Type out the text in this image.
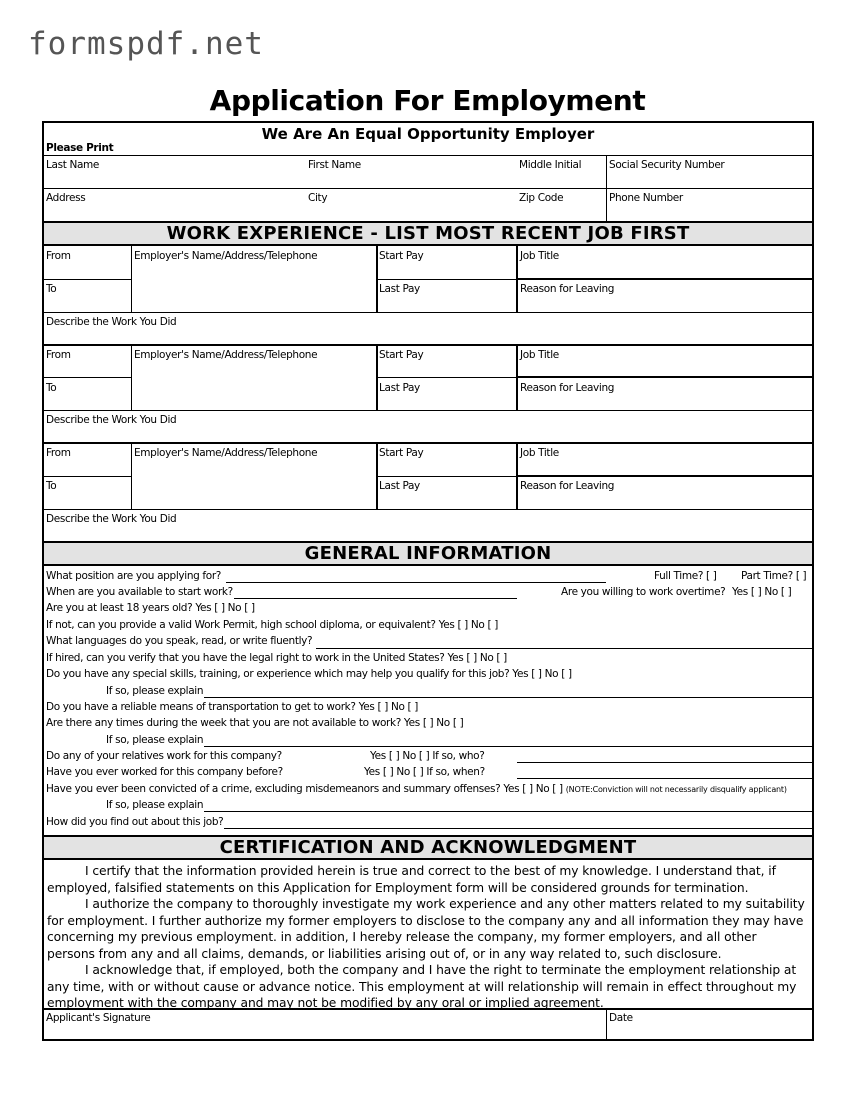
formspdf.net
Application For Employment
We Are An Equal Opportunity Employer
Please Print
Last Name	First Name	Middle Initial	Social Security Number
Address	City	Zip Code	Phone Number
WORK EXPERIENCE - LIST MOST RECENT JOB FIRST
From	Employer's Name/Address/Telephone	Start Pay	Job Title
To	Last Pay	Reason for Leaving
Describe the Work You Did
From	Employer's Name/Address/Telephone	Start Pay	Job Title
To	Last Pay	Reason for Leaving
Describe the Work You Did
From	Employer's Name/Address/Telephone	Start Pay	Job Title
To	Last Pay	Reason for Leaving
Describe the Work You Did
GENERAL INFORMATION
What position are you applying for?	Full Time? [ ] Part Time? [ ]
When are you available to start work?	Are you willing to work overtime? Yes [ ] No [ ]
Are you at least 18 years old? Yes [ ] No [ ]
If not, can you provide a valid Work Permit, high school diploma, or equivalent? Yes [ ] No [ ]
What languages do you speak, read, or write fluently?
If hired, can you verify that you have the legal right to work in the United States? Yes [ ] No [ ]
Do you have any special skills, training, or experience which may help you qualify for this job? Yes [ ] No [ ]
If so, please explain
Do you have a reliable means of transportation to get to work? Yes [ ] No [ ]
Are there any times during the week that you are not available to work? Yes [ ] No [ ]
If so, please explain
Do any of your relatives work for this company?	Yes [ ] No [ ] If so, who?
Have you ever worked for this company before?	Yes [ ] No [ ] If so, when?
Have you ever been convicted of a crime, excluding misdemeanors and summary offenses? Yes [ ] No [ ] (NOTE:Conviction will not necessarily disqualify applicant)
If so, please explain
How did you find out about this job?
CERTIFICATION AND ACKNOWLEDGMENT

I certify that the information provided herein is true and correct to the best of my knowledge. I understand that, if employed, falsified statements on this Application for Employment form will be considered grounds for termination.

I authorize the company to thoroughly investigate my work experience and any other matters related to my suitability for employment. I further authorize my former employers to disclose to the company any and all information they may have concerning my previous employment. in addition, I hereby release the company, my former employers, and all other persons from any and all claims, demands, or liabilities arising out of, or in any way related to, such disclosure.

I acknowledge that, if employed, both the company and I have the right to terminate the employment relationship at any time, with or without cause or advance notice. This employment at will relationship will remain in effect throughout my employment with the company and may not be modified by any oral or implied agreement.

Applicant's Signature	Date
